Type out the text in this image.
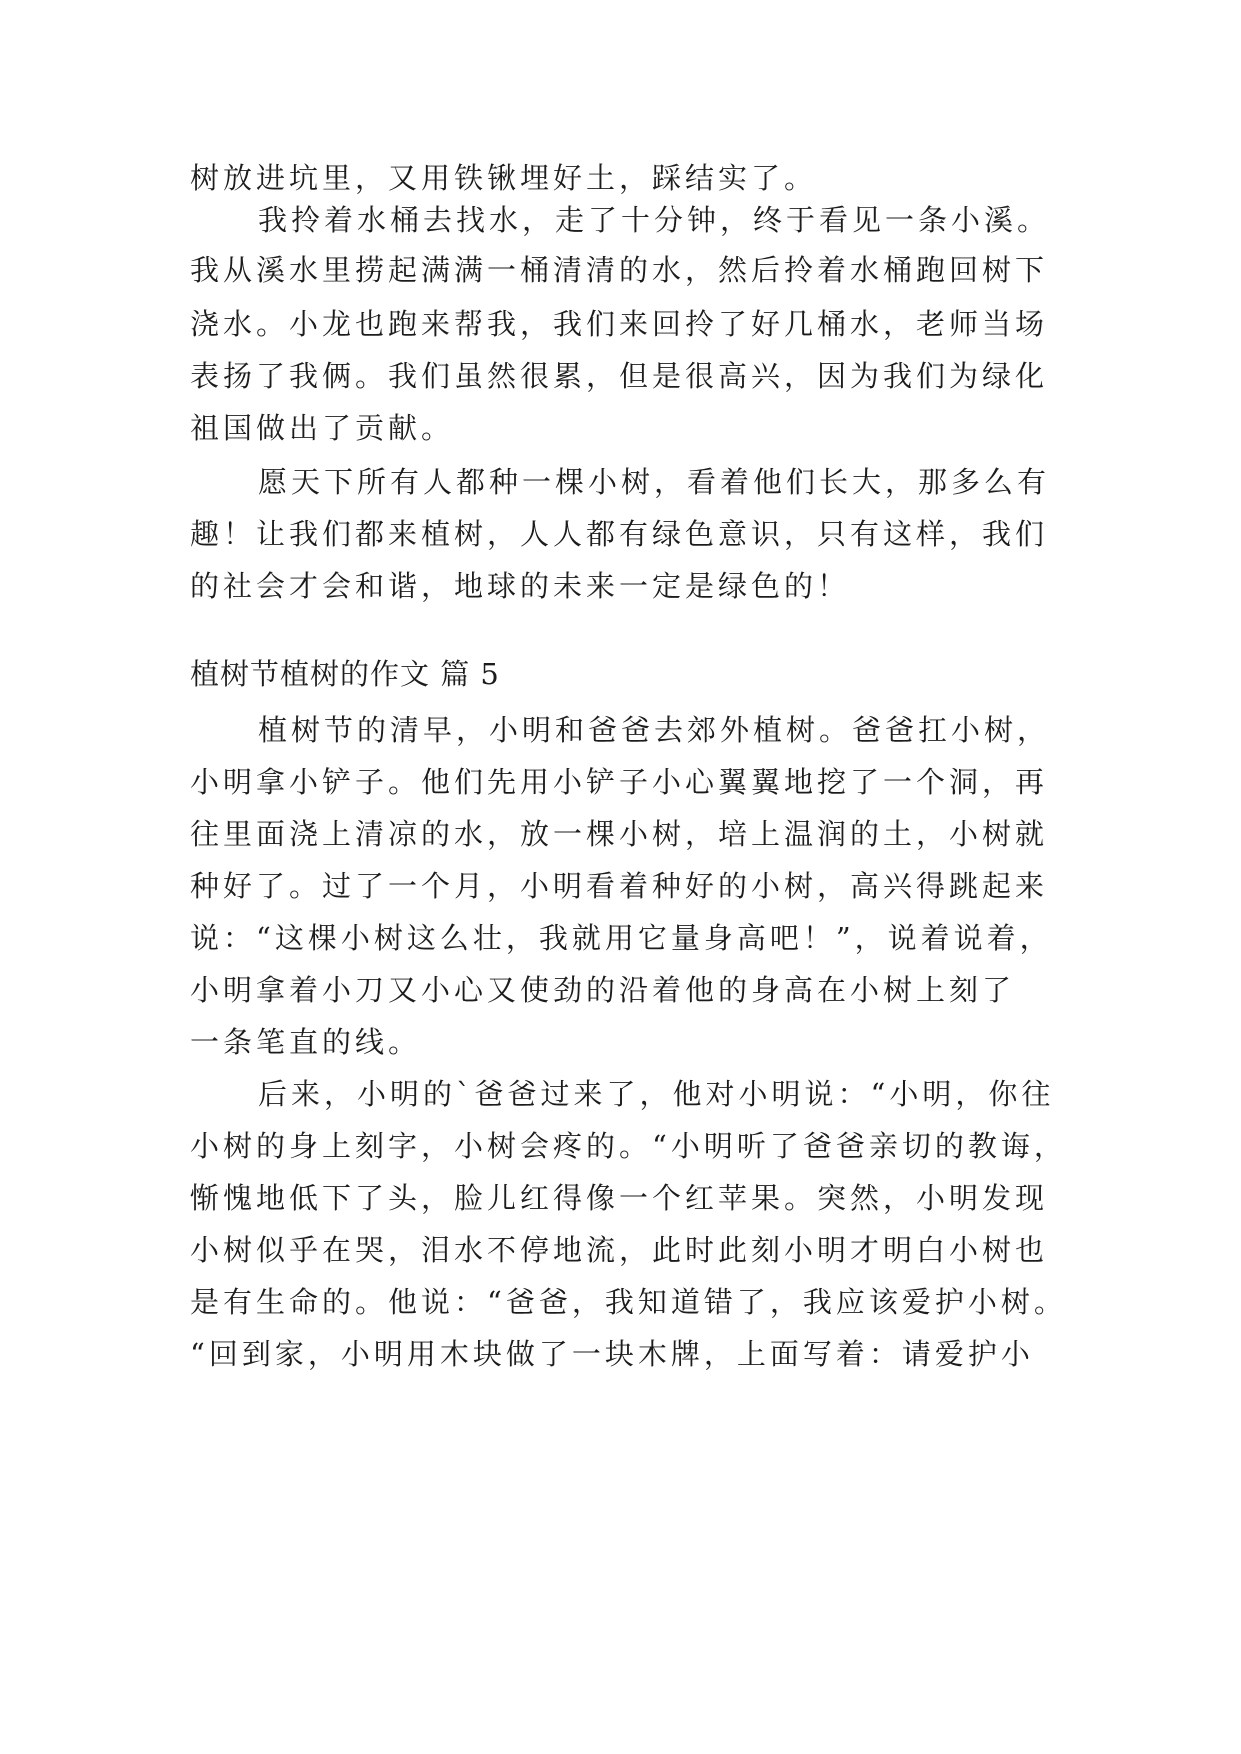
树放进坑里，又用铁锹埋好土，踩结实了。
我拎着水桶去找水，走了十分钟，终于看见一条小溪。
我从溪水里捞起满满一桶清清的水，然后拎着水桶跑回树下
浇水。小龙也跑来帮我，我们来回拎了好几桶水，老师当场
表扬了我俩。我们虽然很累，但是很高兴，因为我们为绿化
祖国做出了贡献。
愿天下所有人都种一棵小树，看着他们长大，那多么有
趣！让我们都来植树，人人都有绿色意识，只有这样，我们
的社会才会和谐，地球的未来一定是绿色的！
植树节植树的作文 篇 5
植树节的清早，小明和爸爸去郊外植树。爸爸扛小树，
小明拿小铲子。他们先用小铲子小心翼翼地挖了一个洞，再
往里面浇上清凉的水，放一棵小树，培上温润的土，小树就
种好了。过了一个月，小明看着种好的小树，高兴得跳起来
说：“这棵小树这么壮，我就用它量身高吧！”，说着说着，
小明拿着小刀又小心又使劲的沿着他的身高在小树上刻了
一条笔直的线。
后来，小明的`爸爸过来了，他对小明说：“小明，你往
小树的身上刻字，小树会疼的。“小明听了爸爸亲切的教诲，
惭愧地低下了头，脸儿红得像一个红苹果。突然，小明发现
小树似乎在哭，泪水不停地流，此时此刻小明才明白小树也
是有生命的。他说：“爸爸，我知道错了，我应该爱护小树。
“回到家，小明用木块做了一块木牌，上面写着：请爱护小
